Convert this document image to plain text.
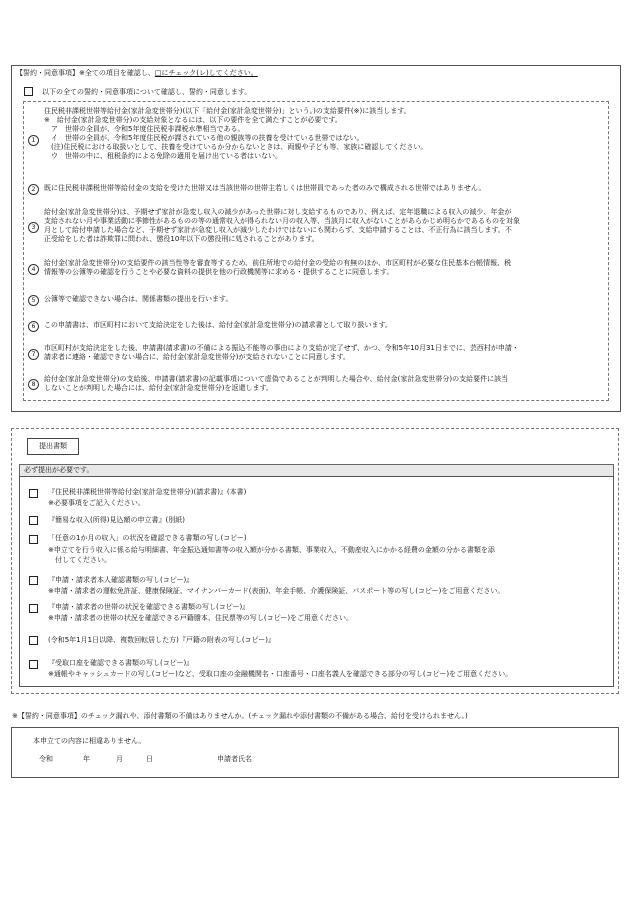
【誓約・同意事項】※全ての項目を確認し、□にチェック(レ)してください。
以下の全ての誓約・同意事項について確認し、誓約・同意します。
1
住民税非課税世帯等給付金(家計急変世帯分)(以下「給付金(家計急変世帯分)」という。)の支給要件(※)に該当します。
※　給付金(家計急変世帯分)の支給対象となるには、以下の要件を全て満たすことが必要です。
　ア　世帯の全員が、令和5年度住民税非課税水準相当である。
　イ　世帯の全員が、令和5年度住民税が課されている他の親族等の扶養を受けている世帯ではない。
　(注)住民税における取扱いとして、扶養を受けているか分からないときは、両親や子ども等、家族に確認してください。
　ウ　世帯の中に、租税条約による免除の適用を届け出ている者はいない。
2	既に住民税非課税世帯等給付金の支給を受けた世帯又は当該世帯の世帯主若しくは世帯員であった者のみで構成される世帯ではありません。
3
給付金(家計急変世帯分)は、予期せず家計が急変し収入の減少があった世帯に対し支給するものであり、例えば、定年退職による収入の減少、年金が
支給されない月や事業活動に季節性があるものの等の通常収入が得られない月の収入等、当該月に収入がないことがあらかじめ明らかであるものを対象
月として給付申請した場合など、予期せず家計が急変し収入が減少したわけではないにも関わらず、支給申請することは、不正行為に該当します。不
正受給をした者は詐欺罪に問われ、懲役10年以下の懲役刑に処されることがあります。
4
給付金(家計急変世帯分)の支給要件の該当性等を審査等するため、前住所地での給付金の受給の有無のほか、市区町村が必要な住民基本台帳情報、税
情報等の公簿等の確認を行うことや必要な資料の提供を他の行政機関等に求める・提供することに同意します。
5	公簿等で確認できない場合は、関係書類の提出を行います。
6	この申請書は、市区町村において支給決定をした後は、給付金(家計急変世帯分)の請求書として取り扱います。
7
市区町村が支給決定をした後、申請書(請求書)の不備による振込不能等の事由により支給が完了せず、かつ、令和5年10月31日までに、芸西村が申請・
請求者に連絡・確認できない場合に、給付金(家計急変世帯分)が支給されないことに同意します。
8
給付金(家計急変世帯分)の支給後、申請書(請求書)の記載事項について虚偽であることが判明した場合や、給付金(家計急変世帯分)の支給要件に該当
しないことが判明した場合には、給付金(家計急変世帯分)を返還します。
提出書類
必ず提出が必要です。
『住民税非課税世帯等給付金(家計急変世帯分)(請求書)』(本書)
※必要事項をご記入ください。
『簡易な収入(所得)見込額の申立書』(別紙)
「任意の1か月の収入」の状況を確認できる書類の写し(コピー)
※申立てを行う収入に係る給与明細書、年金振込通知書等の収入額が分かる書類、事業収入、不動産収入にかかる経費の金額の分かる書類を添
　付してください。
『申請・請求者本人確認書類の写し(コピー)』
※申請・請求者の運転免許証、健康保険証、マイナンバーカード(表面)、年金手帳、介護保険証、パスポート等の写し(コピー)をご用意ください。
『申請・請求者の世帯の状況を確認できる書類の写し(コピー)』
※申請・請求者の世帯の状況を確認できる戸籍謄本、住民票等の写し(コピー)をご用意ください。
(令和5年1月1日以降、複数回転居した方)『戸籍の附表の写し(コピー)』
『受取口座を確認できる書類の写し(コピー)』
※通帳やキャッシュカードの写し(コピー)など、受取口座の金融機関名・口座番号・口座名義人を確認できる部分の写し(コピー)をご用意ください。
※【誓約・同意事項】のチェック漏れや、添付書類の不備はありませんか。(チェック漏れや添付書類の不備がある場合、給付を受けられません。)
本申立ての内容に相違ありません。
令和	年	月	日	申請者氏名
